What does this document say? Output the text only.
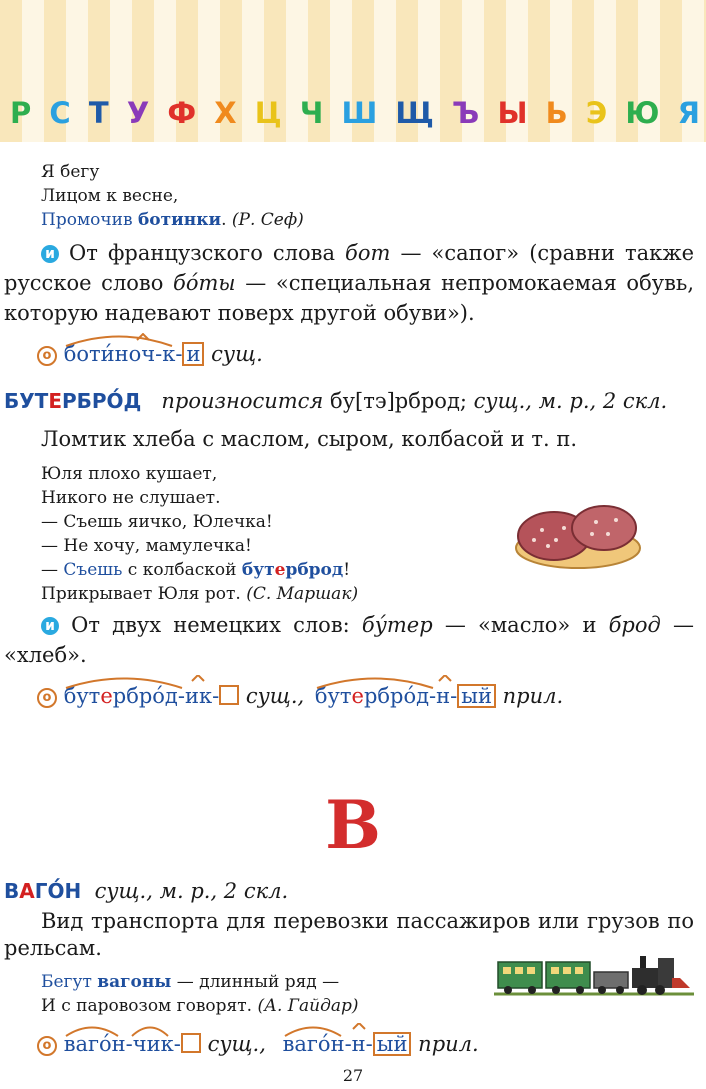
Р С Т У Ф Х Ц Ч Ш Щ Ъ Ы Ь Э Ю Я
Я бегу
Лицом к весне,
Промочив ботинки. (Р. Сеф)
и От французского слова бот — «сапог» (сравни также русское слово бо́ты — «специальная непромокаемая обувь, которую надевают поверх другой обуви»).
о боти́ноч-к- и сущ.
БУТЕРБРО́Д произносится бу[тэ]рброд; сущ., м. р., 2 скл.
Ломтик хлеба с маслом, сыром, колбасой и т. п.
Юля плохо кушает,
Никого не слушает.
— Съешь яичко, Юлечка!
— Не хочу, мамулечка!
— Съешь с колбаской бутерброд!
Прикрывает Юля рот. (С. Маршак)
и От двух немецких слов: бу́тер — «масло» и брод — «хлеб».
о бутербро́д-ик- сущ., бутербро́д-н- ый прил.
В
ВАГО́Н сущ., м. р., 2 скл.
Вид транспорта для перевозки пассажиров или грузов по рельсам.
Бегут вагоны — длинный ряд —
И с паровозом говорят. (А. Гайдар)
о ваго́н-чик- сущ., ваго́н-н- ый прил.
27
